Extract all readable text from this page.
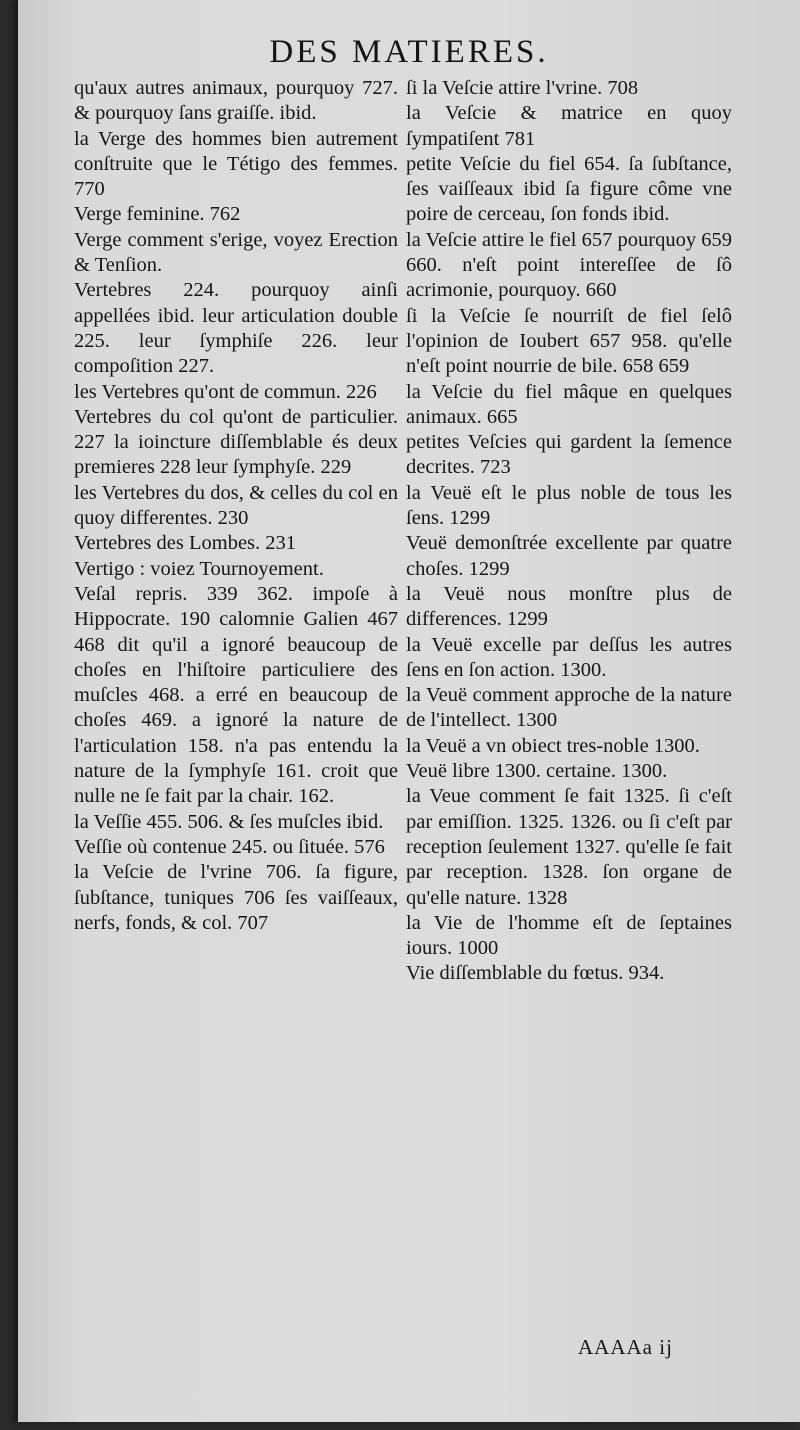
DES MATIERES.
qu'aux autres animaux, pourquoy 727. & pourquoy ſans graiſſe. ibid.
la Verge des hommes bien autrement conſtruite que le Tétigo des femmes. 770
Verge feminine. 762
Verge comment s'erige, voyez Erection & Tenſion.
Vertebres 224. pourquoy ainſi appellées ibid. leur articulation double 225. leur ſymphiſe 226. leur compoſition 227.
les Vertebres qu'ont de commun. 226
Vertebres du col qu'ont de particulier. 227 la ioincture diſſemblable és deux premieres 228 leur ſymphyſe. 229
les Vertebres du dos, & celles du col en quoy differentes. 230
Vertebres des Lombes. 231
Vertigo : voiez Tournoyement.
Veſal repris. 339 362. impoſe à Hippocrate. 190 calomnie Galien 467 468 dit qu'il a ignoré beaucoup de choſes en l'hiſtoire particuliere des muſcles 468. a erré en beaucoup de choſes 469. a ignoré la nature de l'articulation 158. n'a pas entendu la nature de la ſymphyſe 161. croit que nulle ne ſe fait par la chair. 162.
la Veſſie 455. 506. & ſes muſcles ibid.
Veſſie où contenue 245. ou ſituée. 576
la Veſcie de l'vrine 706. ſa figure, ſubſtance, tuniques 706 ſes vaiſſeaux, nerfs, fonds, & col. 707
ſi la Veſcie attire l'vrine. 708
la Veſcie & matrice en quoy ſympatiſent 781
petite Veſcie du fiel 654. ſa ſubſtance, ſes vaiſſeaux ibid ſa figure côme vne poire de cerceau, ſon fonds ibid.
la Veſcie attire le fiel 657 pourquoy 659 660. n'eſt point intereſſee de ſô acrimonie, pourquoy. 660
ſi la Veſcie ſe nourriſt de fiel ſelô l'opinion de Ioubert 657 958. qu'elle n'eſt point nourrie de bile. 658 659
la Veſcie du fiel mâque en quelques animaux. 665
petites Veſcies qui gardent la ſemence decrites. 723
la Veuë eſt le plus noble de tous les ſens. 1299
Veuë demonſtrée excellente par quatre choſes. 1299
la Veuë nous monſtre plus de differences. 1299
la Veuë excelle par deſſus les autres ſens en ſon action. 1300.
la Veuë comment approche de la nature de l'intellect. 1300
la Veuë a vn obiect tres-noble 1300.
Veuë libre 1300. certaine. 1300.
la Veue comment ſe fait 1325. ſi c'eſt par emiſſion. 1325. 1326. ou ſi c'eſt par reception ſeulement 1327. qu'elle ſe fait par reception. 1328. ſon organe de qu'elle nature. 1328
la Vie de l'homme eſt de ſeptaines iours. 1000
Vie diſſemblable du fœtus. 934.
AAAAa ij
